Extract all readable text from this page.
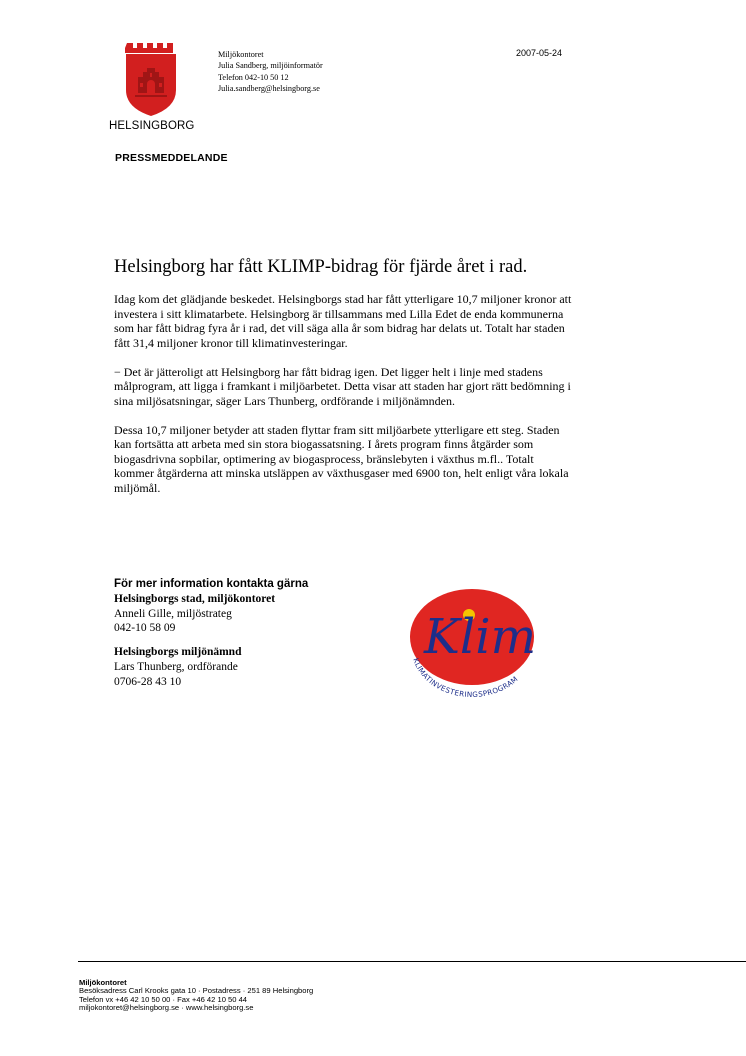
HELSINGBORG
Miljökontoret
Julia Sandberg, miljöinformatör
Telefon 042-10 50 12
Julia.sandberg@helsingborg.se
2007-05-24
PRESSMEDDELANDE
Helsingborg har fått KLIMP-bidrag för fjärde året i rad.

Idag kom det glädjande beskedet. Helsingborgs stad har fått ytterligare 10,7 miljoner kronor att investera i sitt klimatarbete. Helsingborg är tillsammans med Lilla Edet de enda kommunerna som har fått bidrag fyra år i rad, det vill säga alla år som bidrag har delats ut. Totalt har staden fått 31,4 miljoner kronor till klimatinvesteringar.

− Det är jätteroligt att Helsingborg har fått bidrag igen. Det ligger helt i linje med stadens målprogram, att ligga i framkant i miljöarbetet. Detta visar att staden har gjort rätt bedömning i sina miljösatsningar, säger Lars Thunberg, ordförande i miljönämnden.

Dessa 10,7 miljoner betyder att staden flyttar fram sitt miljöarbete ytterligare ett steg. Staden kan fortsätta att arbeta med sin stora biogassatsning. I årets program finns åtgärder som biogasdrivna sopbilar, optimering av biogasprocess, bränslebyten i växthus m.fl.. Totalt kommer åtgärderna att minska utsläppen av växthusgaser med 6900 ton, helt enligt våra lokala miljömål.

För mer information kontakta gärna
Helsingborgs stad, miljökontoret
Anneli Gille, miljöstrateg
042-10 58 09
Helsingborgs miljönämnd
Lars Thunberg, ordförande
0706-28 43 10
Klim
KLIMATINVESTERINGSPROGRAM
Miljökontoret
Besöksadress Carl Krooks gata 10 · Postadress · 251 89 Helsingborg
Telefon vx +46 42 10 50 00 · Fax +46 42 10 50 44
miljokontoret@helsingborg.se · www.helsingborg.se
